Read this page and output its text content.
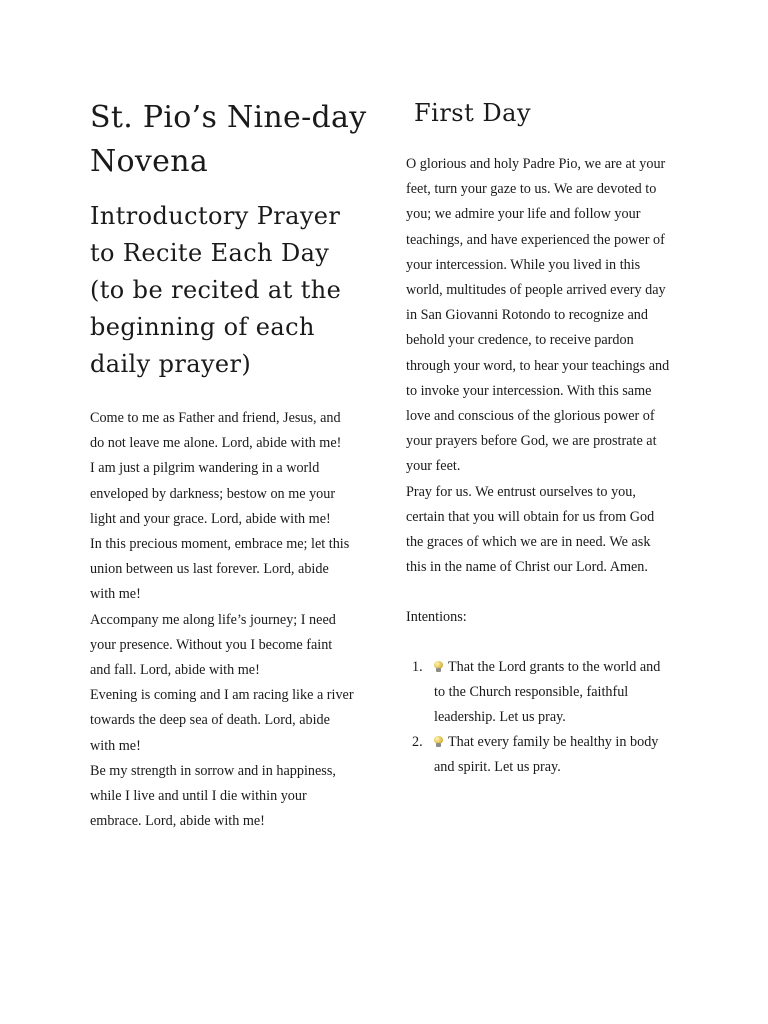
St. Pio’s Nine-day
Novena
Introductory Prayer
to Recite Each Day
(to be recited at the
beginning of each
daily prayer)
Come to me as Father and friend, Jesus, and
do not leave me alone. Lord, abide with me!
I am just a pilgrim wandering in a world
enveloped by darkness; bestow on me your
light and your grace. Lord, abide with me!
In this precious moment, embrace me; let this
union between us last forever. Lord, abide
with me!
Accompany me along life’s journey; I need
your presence. Without you I become faint
and fall. Lord, abide with me!
Evening is coming and I am racing like a river
towards the deep sea of death. Lord, abide
with me!
Be my strength in sorrow and in happiness,
while I live and until I die within your
embrace. Lord, abide with me!
First Day
O glorious and holy Padre Pio, we are at your
feet, turn your gaze to us. We are devoted to
you; we admire your life and follow your
teachings, and have experienced the power of
your intercession. While you lived in this
world, multitudes of people arrived every day
in San Giovanni Rotondo to recognize and
behold your credence, to receive pardon
through your word, to hear your teachings and
to invoke your intercession. With this same
love and conscious of the glorious power of
your prayers before God, we are prostrate at
your feet.
Pray for us. We entrust ourselves to you,
certain that you will obtain for us from God
the graces of which we are in need. We ask
this in the name of Christ our Lord. Amen.
Intentions:
1.	That the Lord grants to the world and
to the Church responsible, faithful
leadership. Let us pray.
2.	That every family be healthy in body
and spirit. Let us pray.
